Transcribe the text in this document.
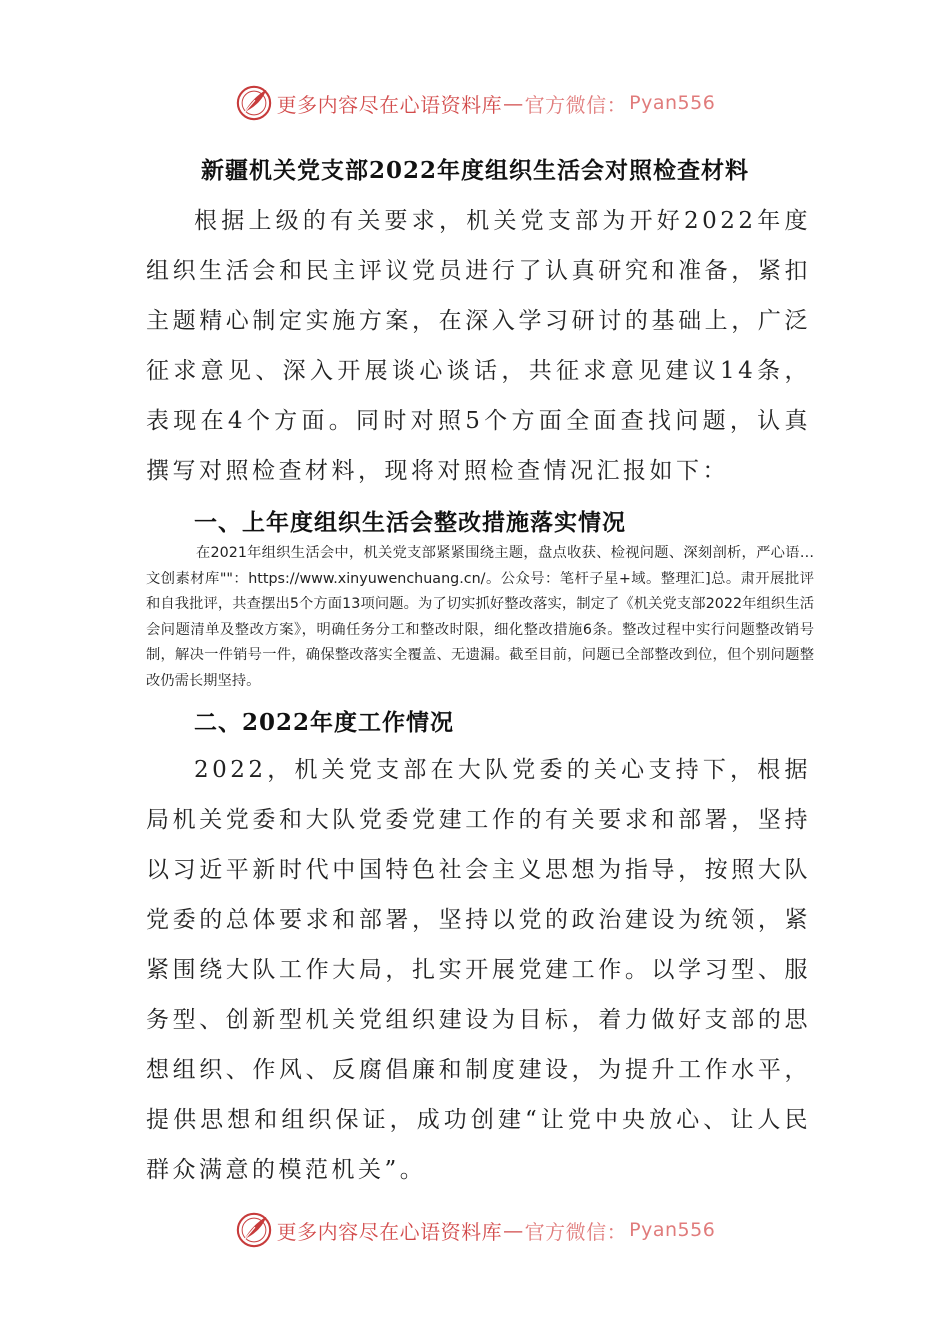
更多内容尽在心语资料库 — 官方微信： Pyan556
新疆机关党支部2022年度组织生活会对照检查材料

根据上级的有关要求，机关党支部为开好2022年度组织生活会和民主评议党员进行了认真研究和准备，紧扣主题精心制定实施方案，在深入学习研讨的基础上，广泛征求意见、深入开展谈心谈话，共征求意见建议14条，表现在4个方面。同时对照5个方面全面查找问题，认真撰写对照检查材料，现将对照检查情况汇报如下：

一、上年度组织生活会整改措施落实情况

在2021年组织生活会中，机关党支部紧紧围绕主题，盘点收获、检视问题、深刻剖析，严心语…文创素材库""：https://www.xinyuwenchuang.cn/。公众号：笔杆子星+域。整理汇]总。肃开展批评和自我批评，共查摆出5个方面13项问题。为了切实抓好整改落实，制定了《机关党支部2022年组织生活会问题清单及整改方案》，明确任务分工和整改时限，细化整改措施6条。整改过程中实行问题整改销号制，解决一件销号一件，确保整改落实全覆盖、无遗漏。截至目前，问题已全部整改到位，但个别问题整改仍需长期坚持。

二、2022年度工作情况

2022，机关党支部在大队党委的关心支持下，根据局机关党委和大队党委党建工作的有关要求和部署，坚持以习近平新时代中国特色社会主义思想为指导，按照大队党委的总体要求和部署，坚持以党的政治建设为统领，紧紧围绕大队工作大局，扎实开展党建工作。以学习型、服务型、创新型机关党组织建设为目标，着力做好支部的思想组织、作风、反腐倡廉和制度建设，为提升工作水平，提供思想和组织保证，成功创建“让党中央放心、让人民群众满意的模范机关”。

更多内容尽在心语资料库 — 官方微信： Pyan556
